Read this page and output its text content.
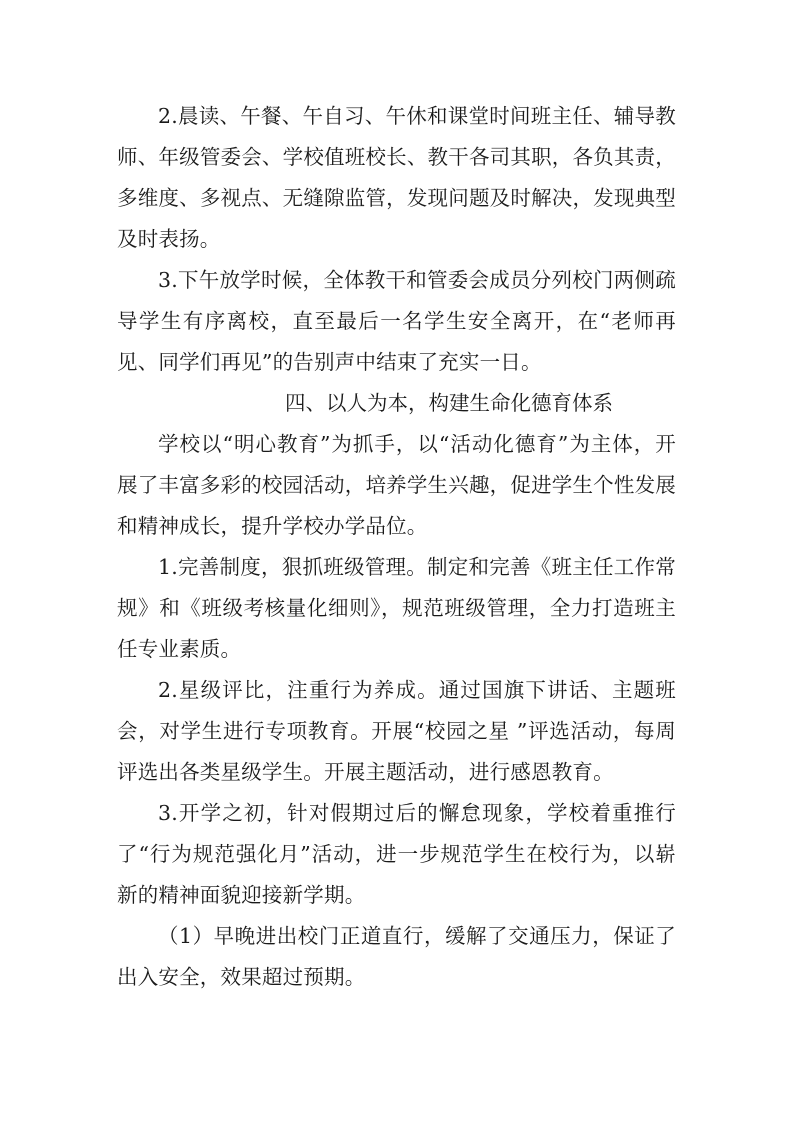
2.晨读、午餐、午自习、午休和课堂时间班主任、辅导教师、年级管委会、学校值班校长、教干各司其职，各负其责，多维度、多视点、无缝隙监管，发现问题及时解决，发现典型及时表扬。

3.下午放学时候，全体教干和管委会成员分列校门两侧疏导学生有序离校，直至最后一名学生安全离开，在“老师再见、同学们再见”的告别声中结束了充实一日。

四、以人为本，构建生命化德育体系

学校以“明心教育”为抓手，以“活动化德育”为主体，开展了丰富多彩的校园活动，培养学生兴趣，促进学生个性发展和精神成长，提升学校办学品位。

1.完善制度，狠抓班级管理。制定和完善《班主任工作常规》和《班级考核量化细则》，规范班级管理，全力打造班主任专业素质。

2.星级评比，注重行为养成。通过国旗下讲话、主题班会，对学生进行专项教育。开展“校园之星 ”评选活动，每周评选出各类星级学生。开展主题活动，进行感恩教育。

3.开学之初，针对假期过后的懈怠现象，学校着重推行了“行为规范强化月”活动，进一步规范学生在校行为，以崭新的精神面貌迎接新学期。

（1）早晚进出校门正道直行，缓解了交通压力，保证了出入安全，效果超过预期。
